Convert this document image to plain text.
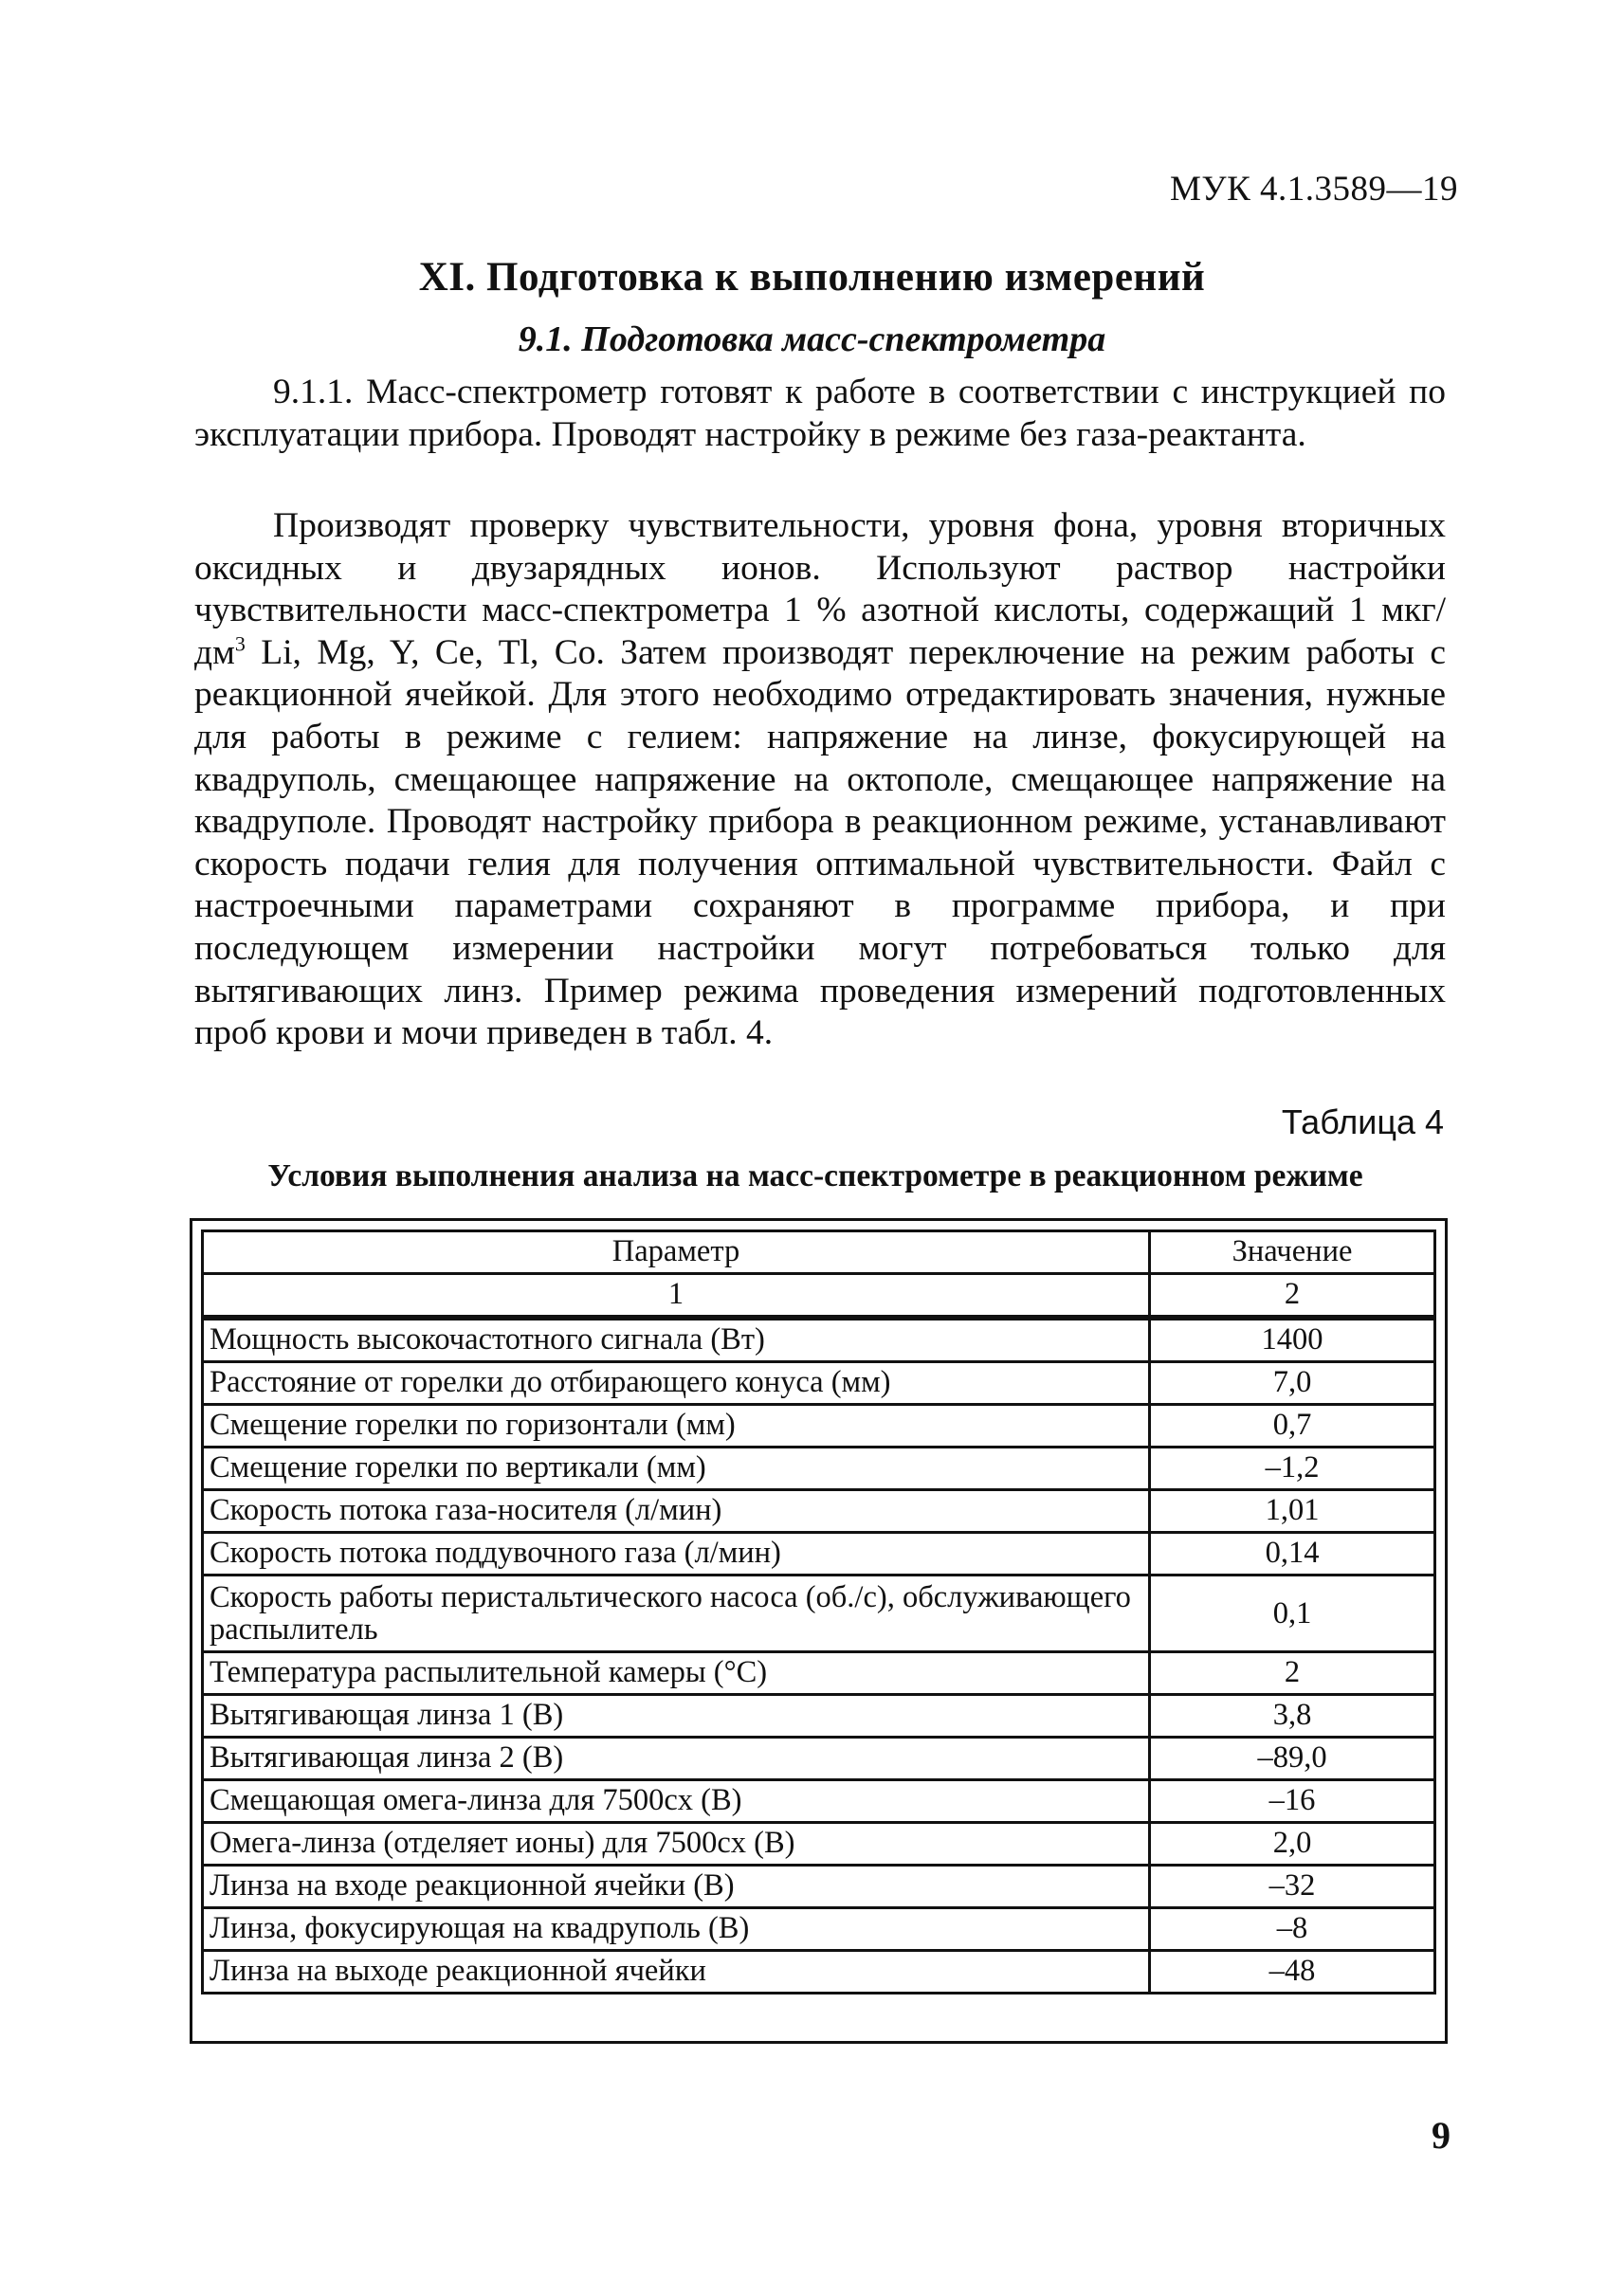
МУК 4.1.3589—19
XI. Подготовка к выполнению измерений
9.1. Подготовка масс-спектрометра

9.1.1. Масс-спектрометр готовят к работе в соответствии с инструкцией по эксплуатации прибора. Проводят настройку в режиме без газа-реактанта.

Производят проверку чувствительности, уровня фона, уровня вторичных оксидных и двузарядных ионов. Используют раствор настройки чувствительности масс-спектрометра 1 % азотной кислоты, содержащий 1 мкг/$дм^3$ Li, Mg, Y, Ce, Tl, Co. Затем производят переключение на режим работы с реакционной ячейкой. Для этого необходимо отредактировать значения, нужные для работы в режиме с гелием: напряжение на линзе, фокусирующей на квадруполь, смещающее напряжение на октополе, смещающее напряжение на квадруполе. Проводят настройку прибора в реакционном режиме, устанавливают скорость подачи гелия для получения оптимальной чувствительности. Файл с настроечными параметрами сохраняют в программе прибора, и при последующем измерении настройки могут потребоваться только для вытягивающих линз. Пример режима проведения измерений подготовленных проб крови и мочи приведен в табл. 4.

Таблица 4
Условия выполнения анализа на масс-спектрометре в реакционном режиме
Параметр	Значение
1	2
Мощность высокочастотного сигнала (Вт)	1400
Расстояние от горелки до отбирающего конуса (мм)	7,0
Смещение горелки по горизонтали (мм)	0,7
Смещение горелки по вертикали (мм)	–1,2
Скорость потока газа-носителя (л/мин)	1,01
Скорость потока поддувочного газа (л/мин)	0,14
Скорость работы перистальтического насоса (об./с), обслуживающего распылитель	0,1
Температура распылительной камеры (°C)	2
Вытягивающая линза 1 (В)	3,8
Вытягивающая линза 2 (В)	–89,0
Смещающая омега-линза для 7500cx (В)	–16
Омега-линза (отделяет ионы) для 7500cx (В)	2,0
Линза на входе реакционной ячейки (В)	–32
Линза, фокусирующая на квадруполь (В)	–8
Линза на выходе реакционной ячейки	–48
9
